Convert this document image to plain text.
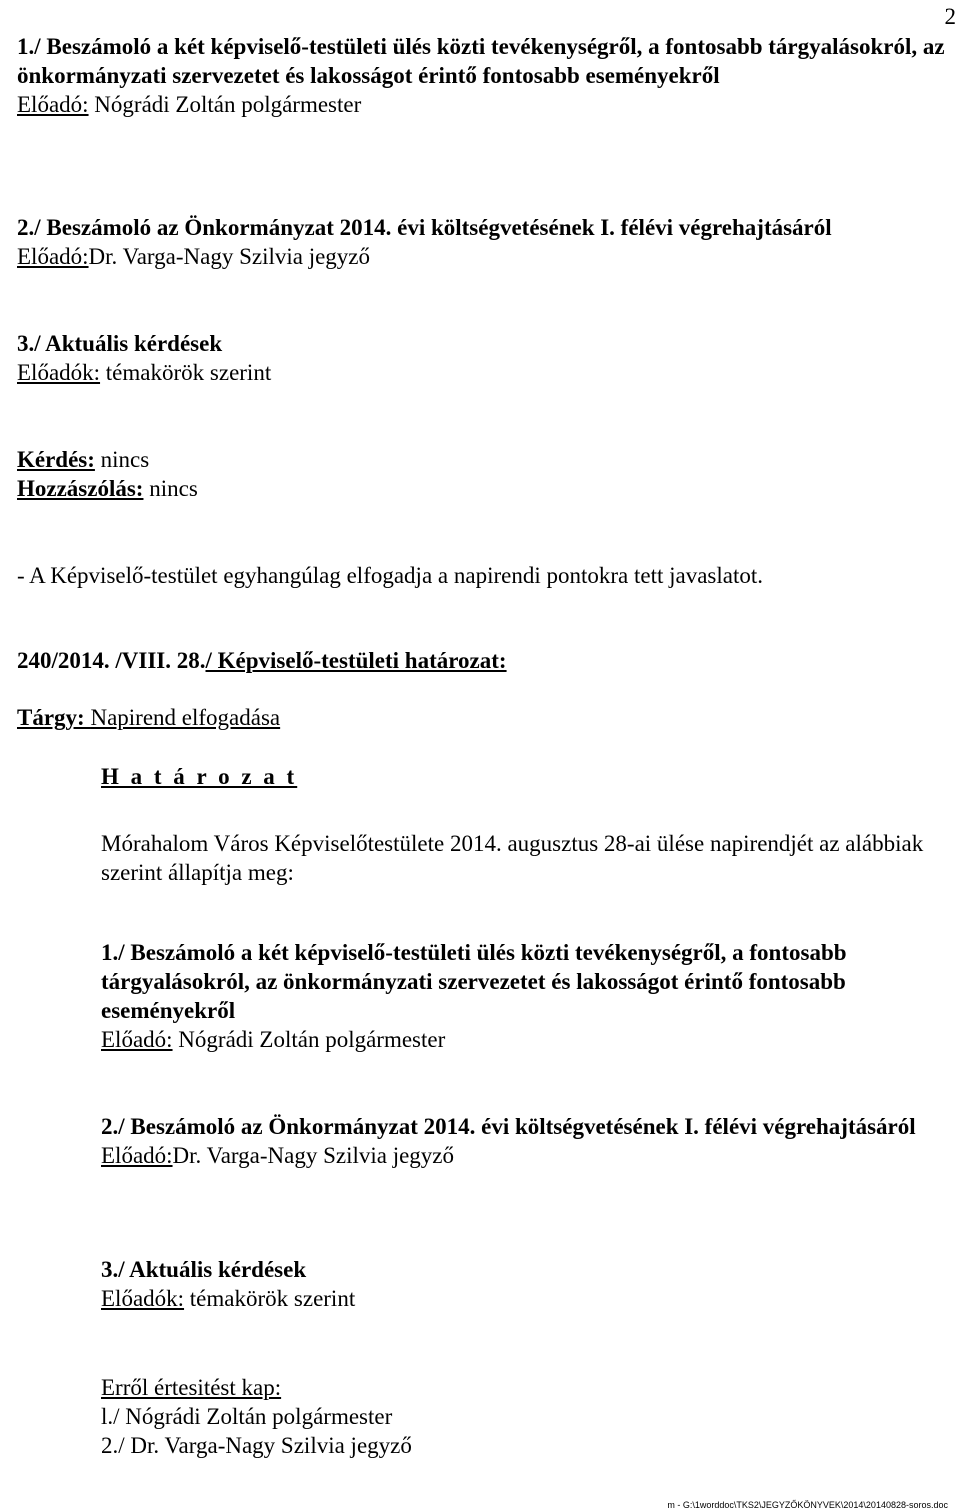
2
1./ Beszámoló a két képviselő-testületi ülés közti tevékenységről, a fontosabb tárgyalásokról, az önkormányzati szervezetet és lakosságot érintő fontosabb eseményekről
Előadó: Nógrádi Zoltán polgármester
2./ Beszámoló az Önkormányzat 2014. évi költségvetésének I. félévi végrehajtásáról
Előadó:Dr. Varga-Nagy Szilvia jegyző
3./ Aktuális kérdések
Előadók: témakörök szerint
Kérdés: nincs
Hozzászólás: nincs
- A Képviselő-testület egyhangúlag elfogadja a napirendi pontokra tett javaslatot.
240/2014. /VIII. 28./ Képviselő-testületi határozat:
Tárgy: Napirend elfogadása
H a t á r o z a t
Mórahalom Város Képviselőtestülete 2014. augusztus 28-ai ülése napirendjét az alábbiak szerint állapítja meg:
1./ Beszámoló a két képviselő-testületi ülés közti tevékenységről, a fontosabb tárgyalásokról, az önkormányzati szervezetet és lakosságot érintő fontosabb eseményekről
Előadó: Nógrádi Zoltán polgármester
2./ Beszámoló az Önkormányzat 2014. évi költségvetésének I. félévi végrehajtásáról
Előadó:Dr. Varga-Nagy Szilvia jegyző
3./ Aktuális kérdések
Előadók: témakörök szerint
Erről értesitést kap:
l./ Nógrádi Zoltán polgármester
2./ Dr. Varga-Nagy Szilvia jegyző
m - G:\1worddoc\TKS2\JEGYZŐKÖNYVEK\2014\20140828-soros.doc
